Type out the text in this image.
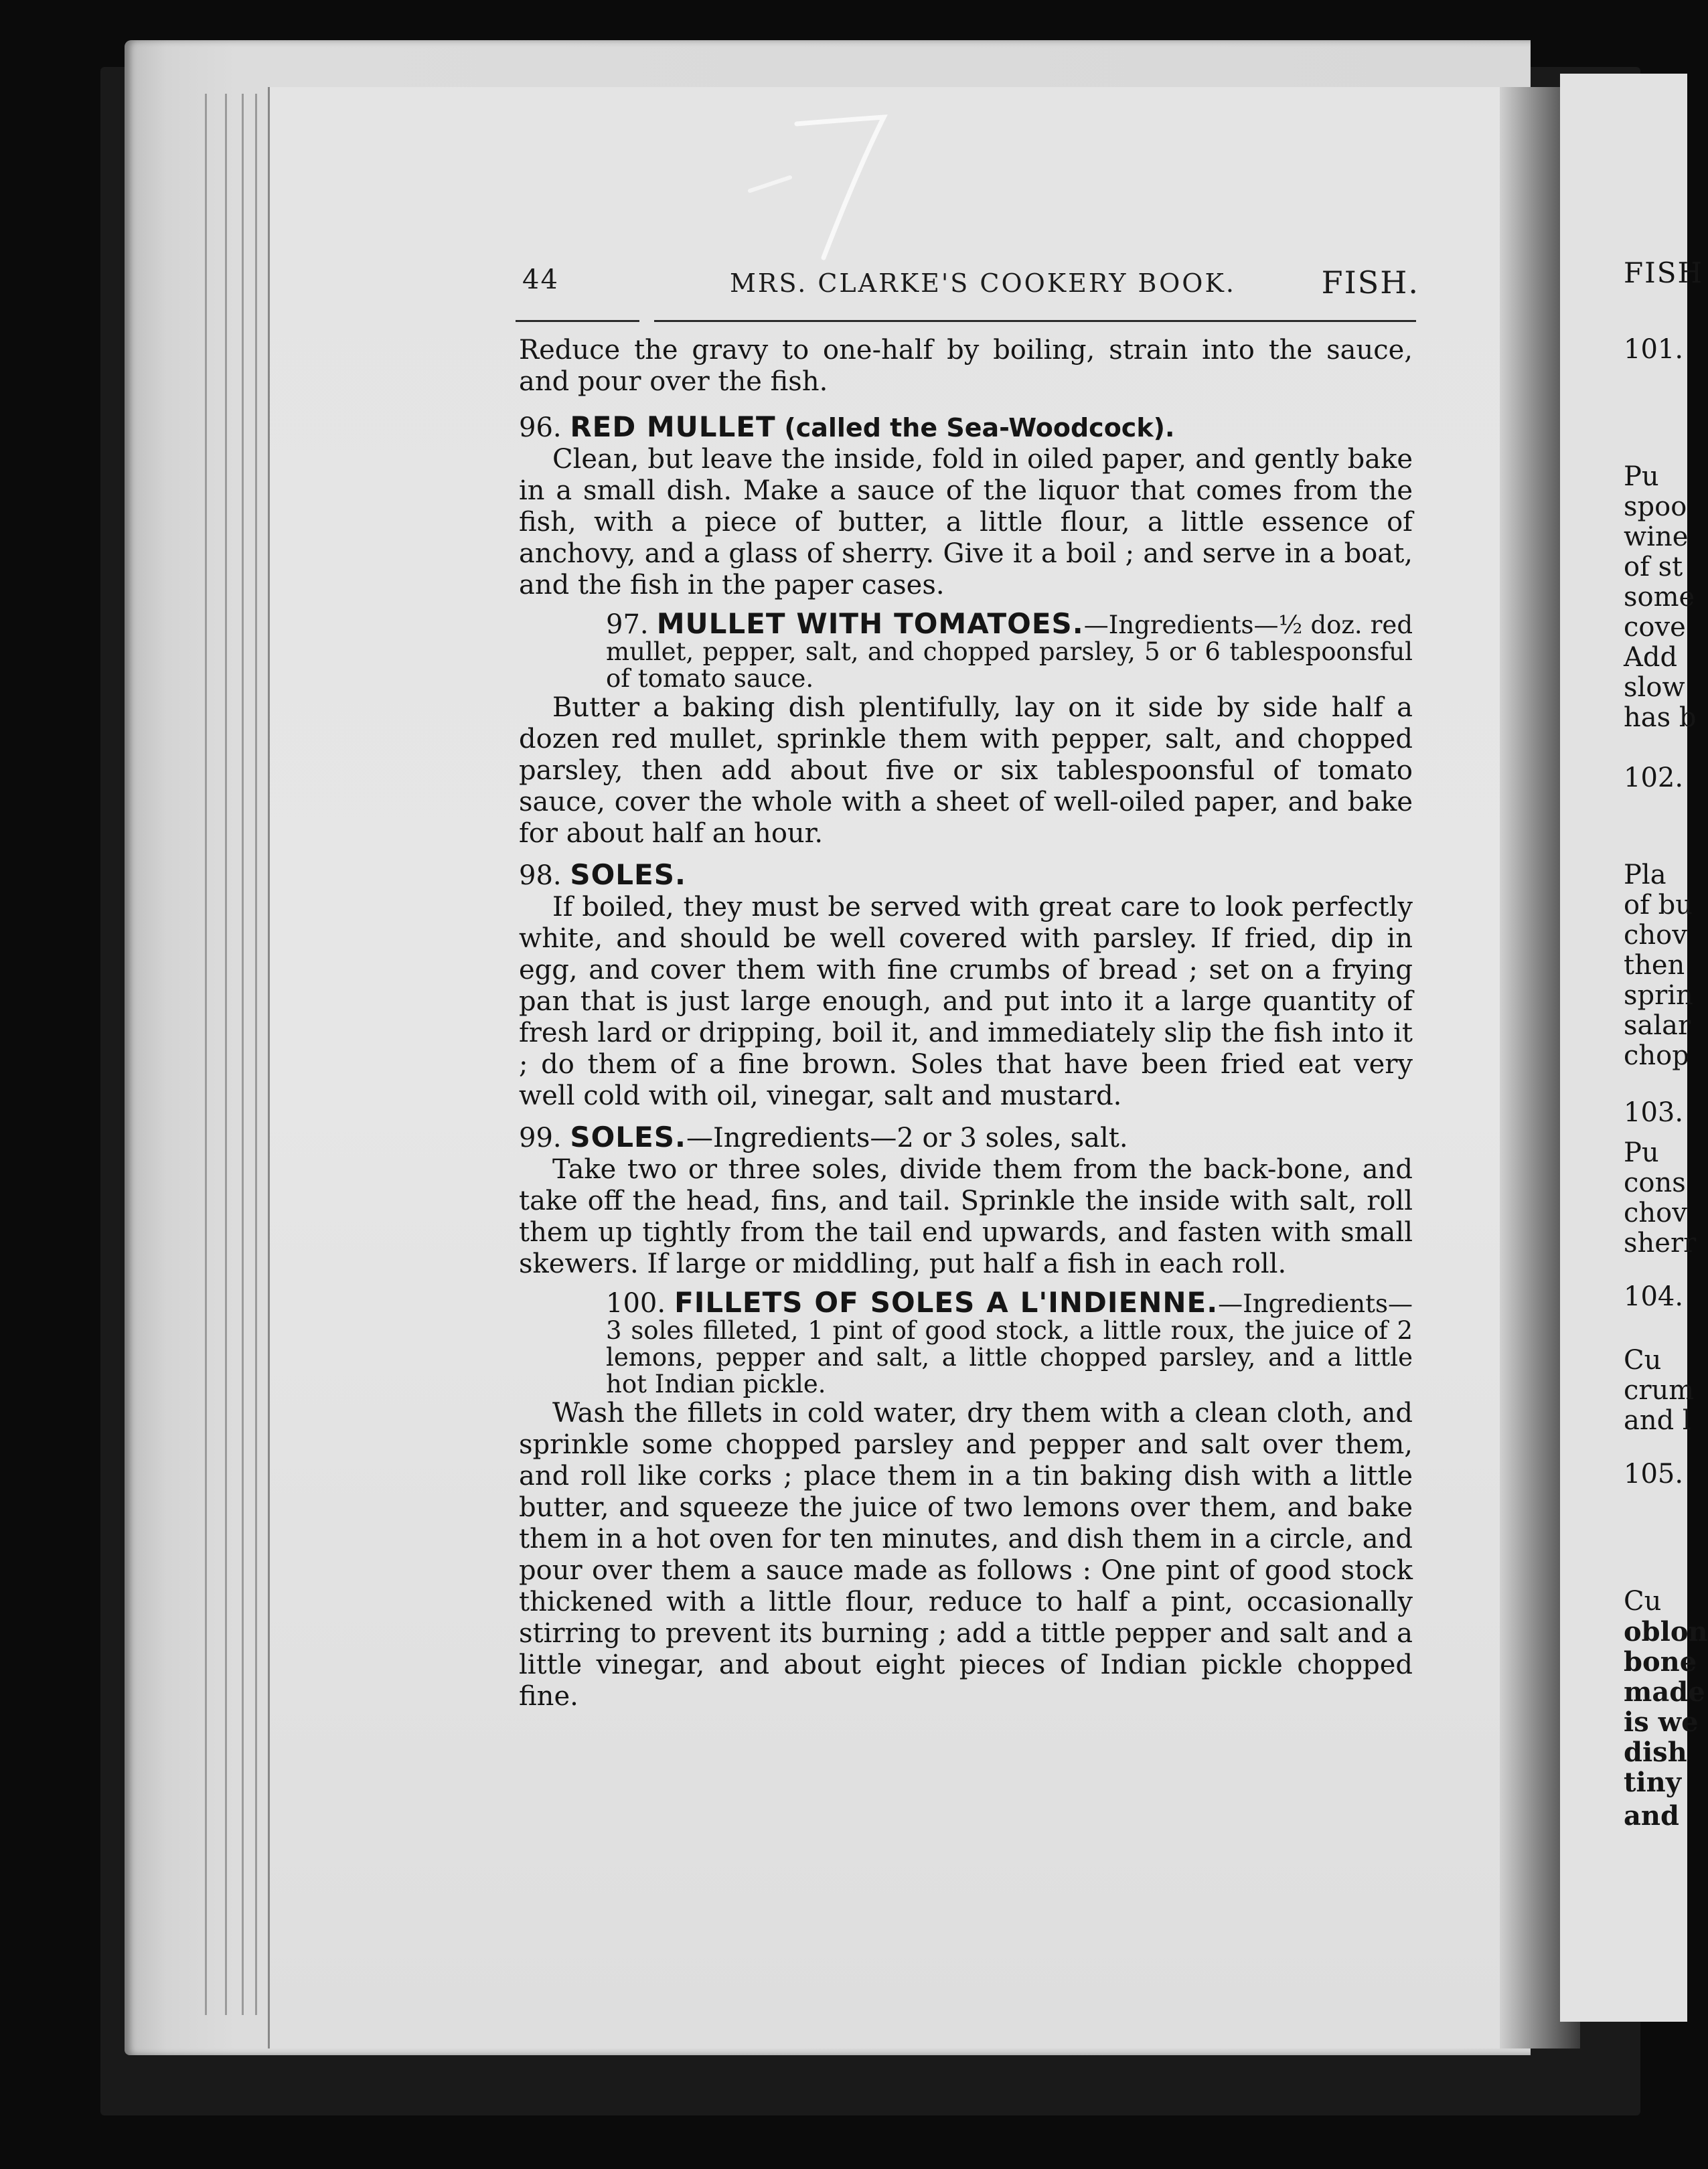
44	MRS. CLARKE'S COOKERY BOOK.	FISH.

Reduce the gravy to one-half by boiling, strain into the sauce, and pour over the fish.

96. RED MULLET (called the Sea-Woodcock).

Clean, but leave the inside, fold in oiled paper, and gently bake in a small dish. Make a sauce of the liquor that comes from the fish, with a piece of butter, a little flour, a little essence of anchovy, and a glass of sherry. Give it a boil ; and serve in a boat, and the fish in the paper cases.

97. MULLET WITH TOMATOES.—Ingredients—½ doz. red mullet, pepper, salt, and chopped parsley, 5 or 6 tablespoonsful of tomato sauce.

Butter a baking dish plentifully, lay on it side by side half a dozen red mullet, sprinkle them with pepper, salt, and chopped parsley, then add about five or six tablespoonsful of tomato sauce, cover the whole with a sheet of well-oiled paper, and bake for about half an hour.

98. SOLES.

If boiled, they must be served with great care to look perfectly white, and should be well covered with parsley. If fried, dip in egg, and cover them with fine crumbs of bread ; set on a frying pan that is just large enough, and put into it a large quantity of fresh lard or dripping, boil it, and immediately slip the fish into it ; do them of a fine brown. Soles that have been fried eat very well cold with oil, vinegar, salt and mustard.

99. SOLES.—Ingredients—2 or 3 soles, salt.

Take two or three soles, divide them from the back-bone, and take off the head, fins, and tail. Sprinkle the inside with salt, roll them up tightly from the tail end upwards, and fasten with small skewers. If large or middling, put half a fish in each roll.

100. FILLETS OF SOLES A L'INDIENNE.—Ingredients— 3 soles filleted, 1 pint of good stock, a little roux, the juice of 2 lemons, pepper and salt, a little chopped parsley, and a little hot Indian pickle.

Wash the fillets in cold water, dry them with a clean cloth, and sprinkle some chopped parsley and pepper and salt over them, and roll like corks ; place them in a tin baking dish with a little butter, and squeeze the juice of two lemons over them, and bake them in a hot oven for ten minutes, and dish them in a circle, and pour over them a sauce made as follows : One pint of good stock thickened with a little flour, reduce to half a pint, occasionally stirring to prevent its burning ; add a tittle pepper and salt and a little vinegar, and about eight pieces of Indian pickle chopped fine.

FISH
101.
Pu
spoo
wine
of st
some
cove
Add
slow
has b
102.
Pla
of bu
chov
then
sprin
salar
chop
103.
Pu
cons
chov
sherr
104.
Cu
crum
and l
105.
Cu
oblon
bone
made
is we
dish
tiny
and
